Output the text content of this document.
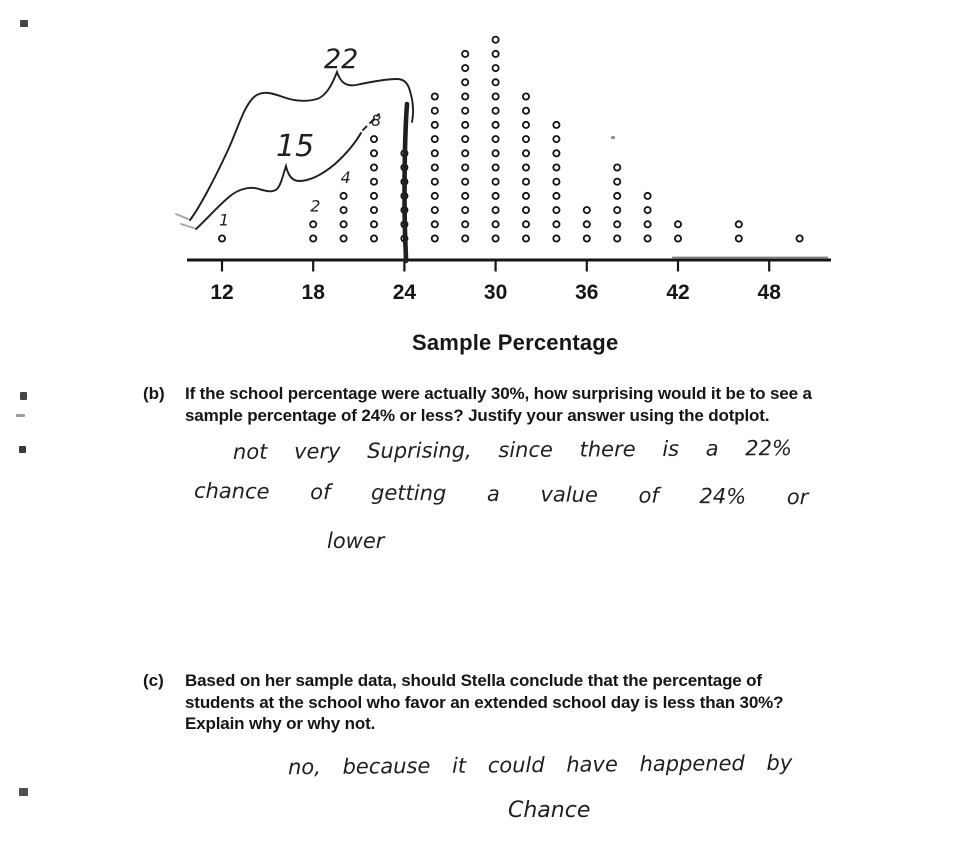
12	18	24	30	36	42	48
22
15
1
2
4
8
Sample Percentage
(b)	If the school percentage were actually 30%, how surprising would it be to see a
sample percentage of 24% or less? Justify your answer using the dotplot.
not very Suprising, since there is a 22%
chance of getting a value of 24% or
lower
(c)	Based on her sample data, should Stella conclude that the percentage of
students at the school who favor an extended school day is less than 30%?
Explain why or why not.
no, because it could have happened by
Chance
